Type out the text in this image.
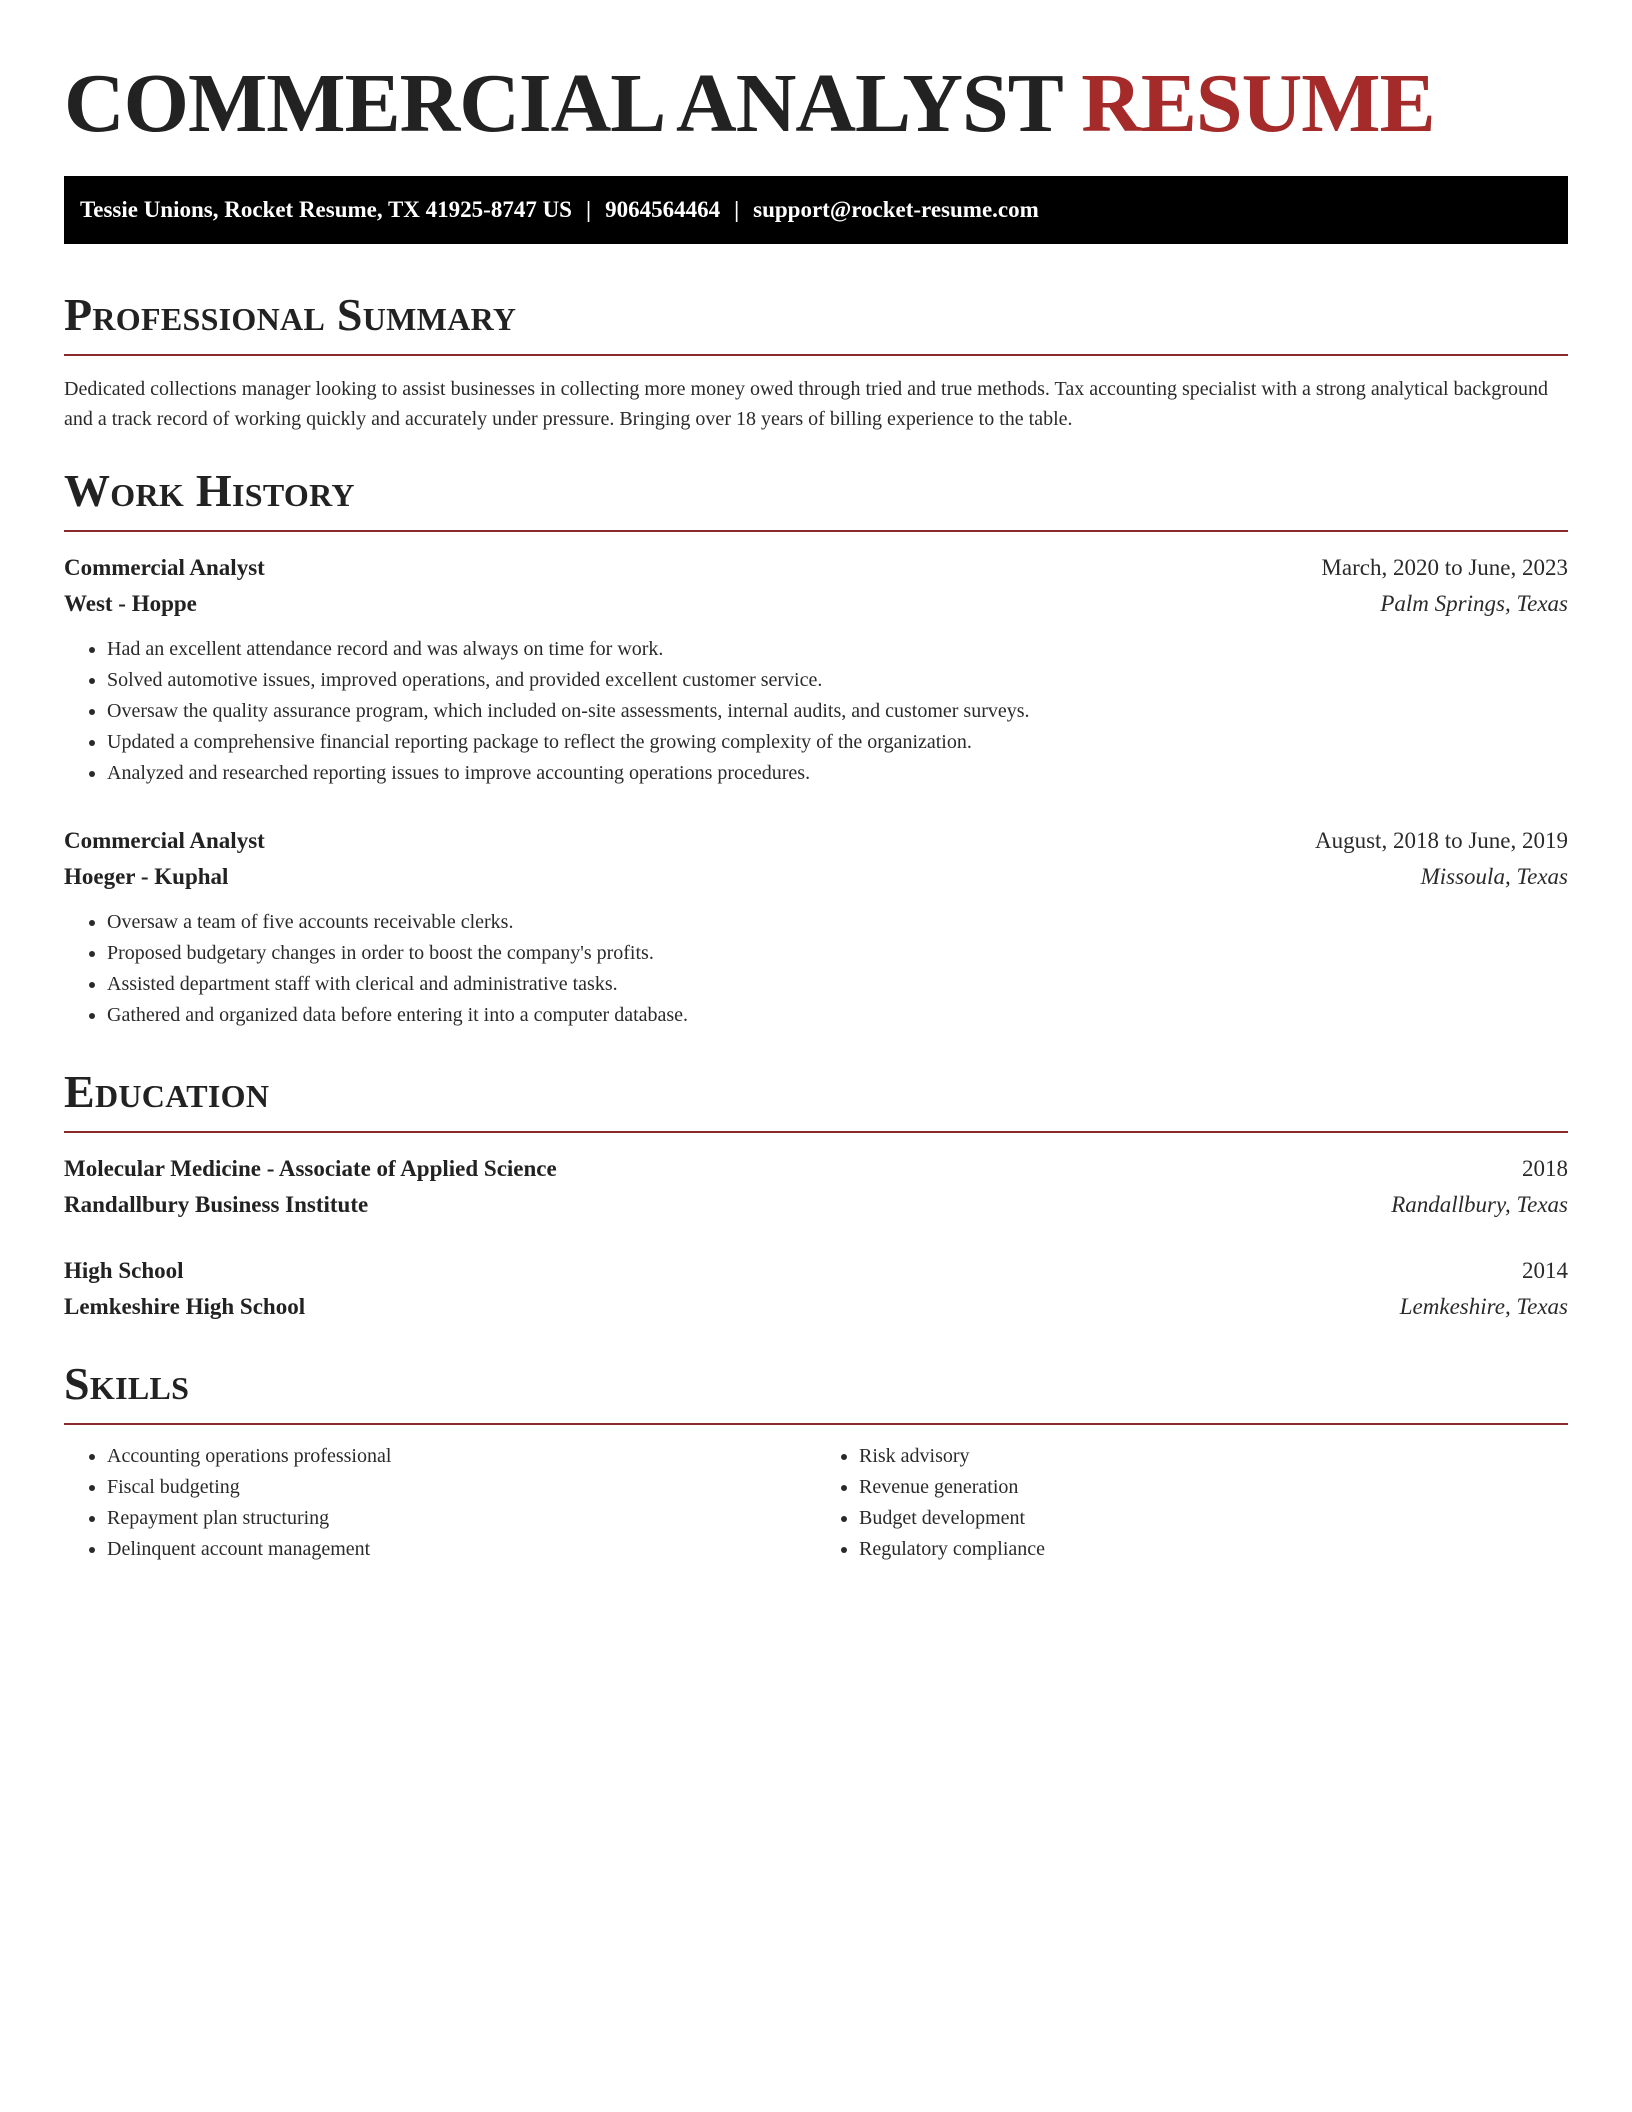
COMMERCIAL ANALYST RESUME
Tessie Unions, Rocket Resume, TX 41925-8747 US | 9064564464 | support@rocket-resume.com
Professional Summary

Dedicated collections manager looking to assist businesses in collecting more money owed through tried and true methods. Tax accounting specialist with a strong analytical background and a track record of working quickly and accurately under pressure. Bringing over 18 years of billing experience to the table.

Work History
Commercial Analyst	March, 2020 to June, 2023
West - Hoppe	Palm Springs, Texas
• Had an excellent attendance record and was always on time for work.
• Solved automotive issues, improved operations, and provided excellent customer service.
• Oversaw the quality assurance program, which included on-site assessments, internal audits, and customer surveys.
• Updated a comprehensive financial reporting package to reflect the growing complexity of the organization.
• Analyzed and researched reporting issues to improve accounting operations procedures.
Commercial Analyst	August, 2018 to June, 2019
Hoeger - Kuphal	Missoula, Texas
• Oversaw a team of five accounts receivable clerks.
• Proposed budgetary changes in order to boost the company's profits.
• Assisted department staff with clerical and administrative tasks.
• Gathered and organized data before entering it into a computer database.
Education
Molecular Medicine - Associate of Applied Science	2018
Randallbury Business Institute	Randallbury, Texas
High School	2014
Lemkeshire High School	Lemkeshire, Texas
Skills
• Accounting operations professional
• Fiscal budgeting
• Repayment plan structuring
• Delinquent account management
• Risk advisory
• Revenue generation
• Budget development
• Regulatory compliance
